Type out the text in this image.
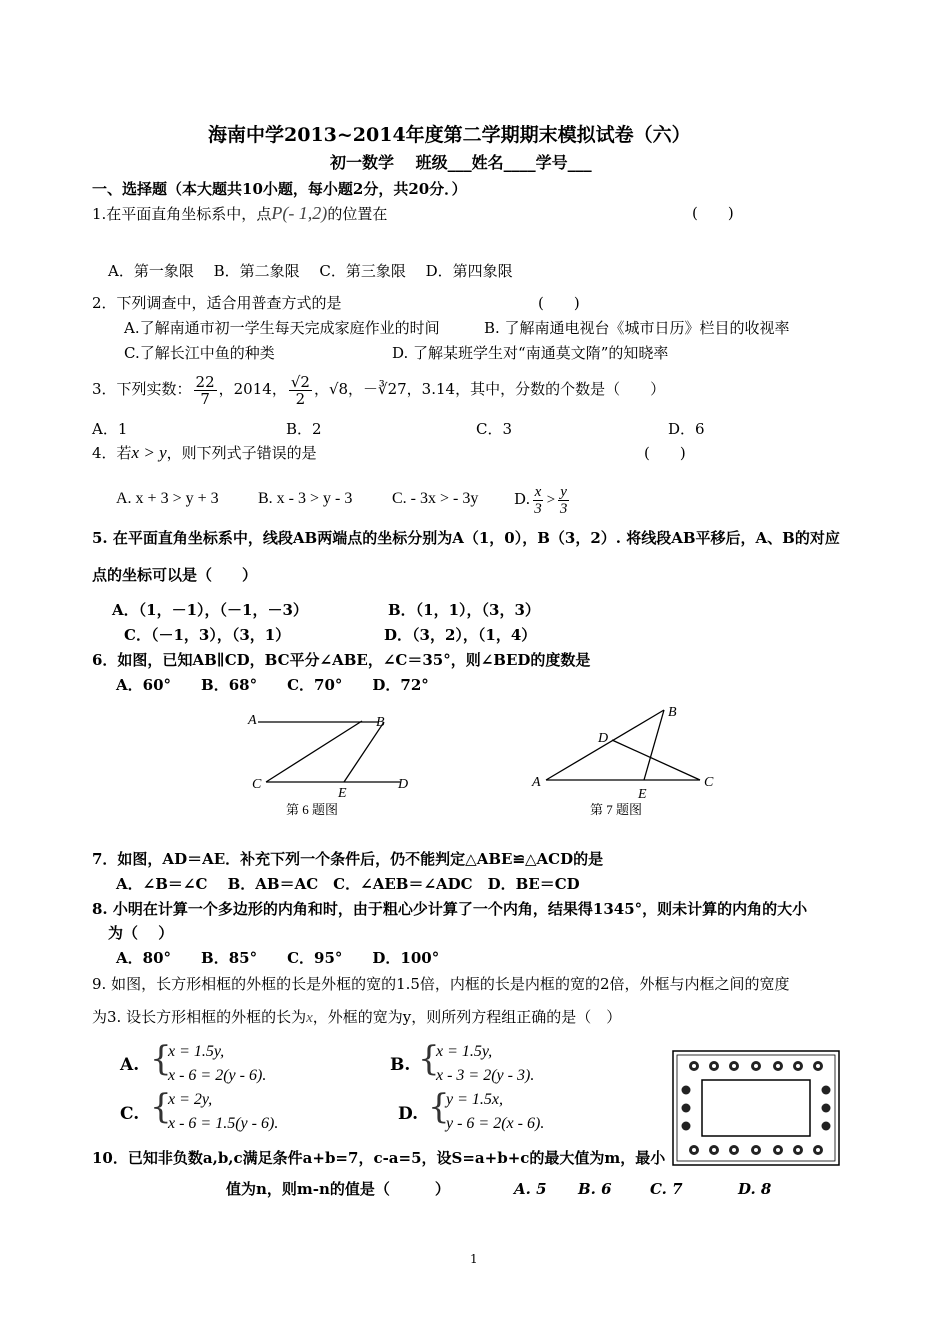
海南中学2013~2014年度第二学期期末模拟试卷（六）
初一数学　 班级___姓名____学号___
一、选择题（本大题共10小题，每小题2分，共20分．）
1.在平面直角坐标系中，点P(- 1,2)的位置在	(　　)
A．第一象限　 B．第二象限　 C．第三象限　 D．第四象限
2．下列调查中，适合用普查方式的是	(　　)
A.了解南通市初一学生每天完成家庭作业的时间	B. 了解南通电视台《城市日历》栏目的收视率
C.了解长江中鱼的种类	D. 了解某班学生对“南通莫文隋”的知晓率
3．下列实数： $\frac{22}{7}$ ，2014， $\frac{√2}{2}$ ，√8，－∛27，3.14，其中，分数的个数是（　　）
A．1	B．2	C．3	D．6
4．若x > y，则下列式子错误的是	(　　)
A. x + 3 > y + 3 B. x - 3 > y - 3 C. - 3x > - 3y D. $\frac{x}{3} > \frac{y}{3}$
5. 在平面直角坐标系中，线段AB两端点的坐标分别为A（1，0），B（3，2）. 将线段AB平移后，A、B的对应
点的坐标可以是（　　）
A．（1，－1），（－1，－3）	B．（1，1），（3，3）
C．（－1，3），（3，1）	D．（3，2），（1，4）
6．如图，已知AB∥CD，BC平分∠ABE，∠C＝35°，则∠BED的度数是
A．60°　　B．68°　　C．70°　　D．72°
A	B
C
E
D
第 6 题图
A
B
D
C
E
第 7 题图
7．如图，AD＝AE．补充下列一个条件后，仍不能判定△ABE≌△ACD的是
A．∠B＝∠C　 B．AB＝AC　C．∠AEB＝∠ADC　D．BE＝CD
8. 小明在计算一个多边形的内角和时，由于粗心少计算了一个内角，结果得1345°，则未计算的内角的大小
为（　 ）
A．80°　　B．85°　　C．95°　　D．100°
9. 如图，长方形相框的外框的长是外框的宽的1.5倍，内框的长是内框的宽的2倍，外框与内框之间的宽度
为3. 设长方形相框的外框的长为x，外框的宽为y，则所列方程组正确的是（　）
A. {
x = 1.5y,
x - 6 = 2(y - 6).
B. {
x = 1.5y,
x - 3 = 2(y - 3).
C. {
x = 2y,
x - 6 = 1.5(y - 6).	D. {
y = 1.5x,
y - 6 = 2(x - 6).
10．已知非负数a,b,c满足条件a+b=7，c-a=5，设S=a+b+c的最大值为m，最小
值为n，则m-n的值是（　　　）	A. 5 B. 6	C. 7	D. 8
1
